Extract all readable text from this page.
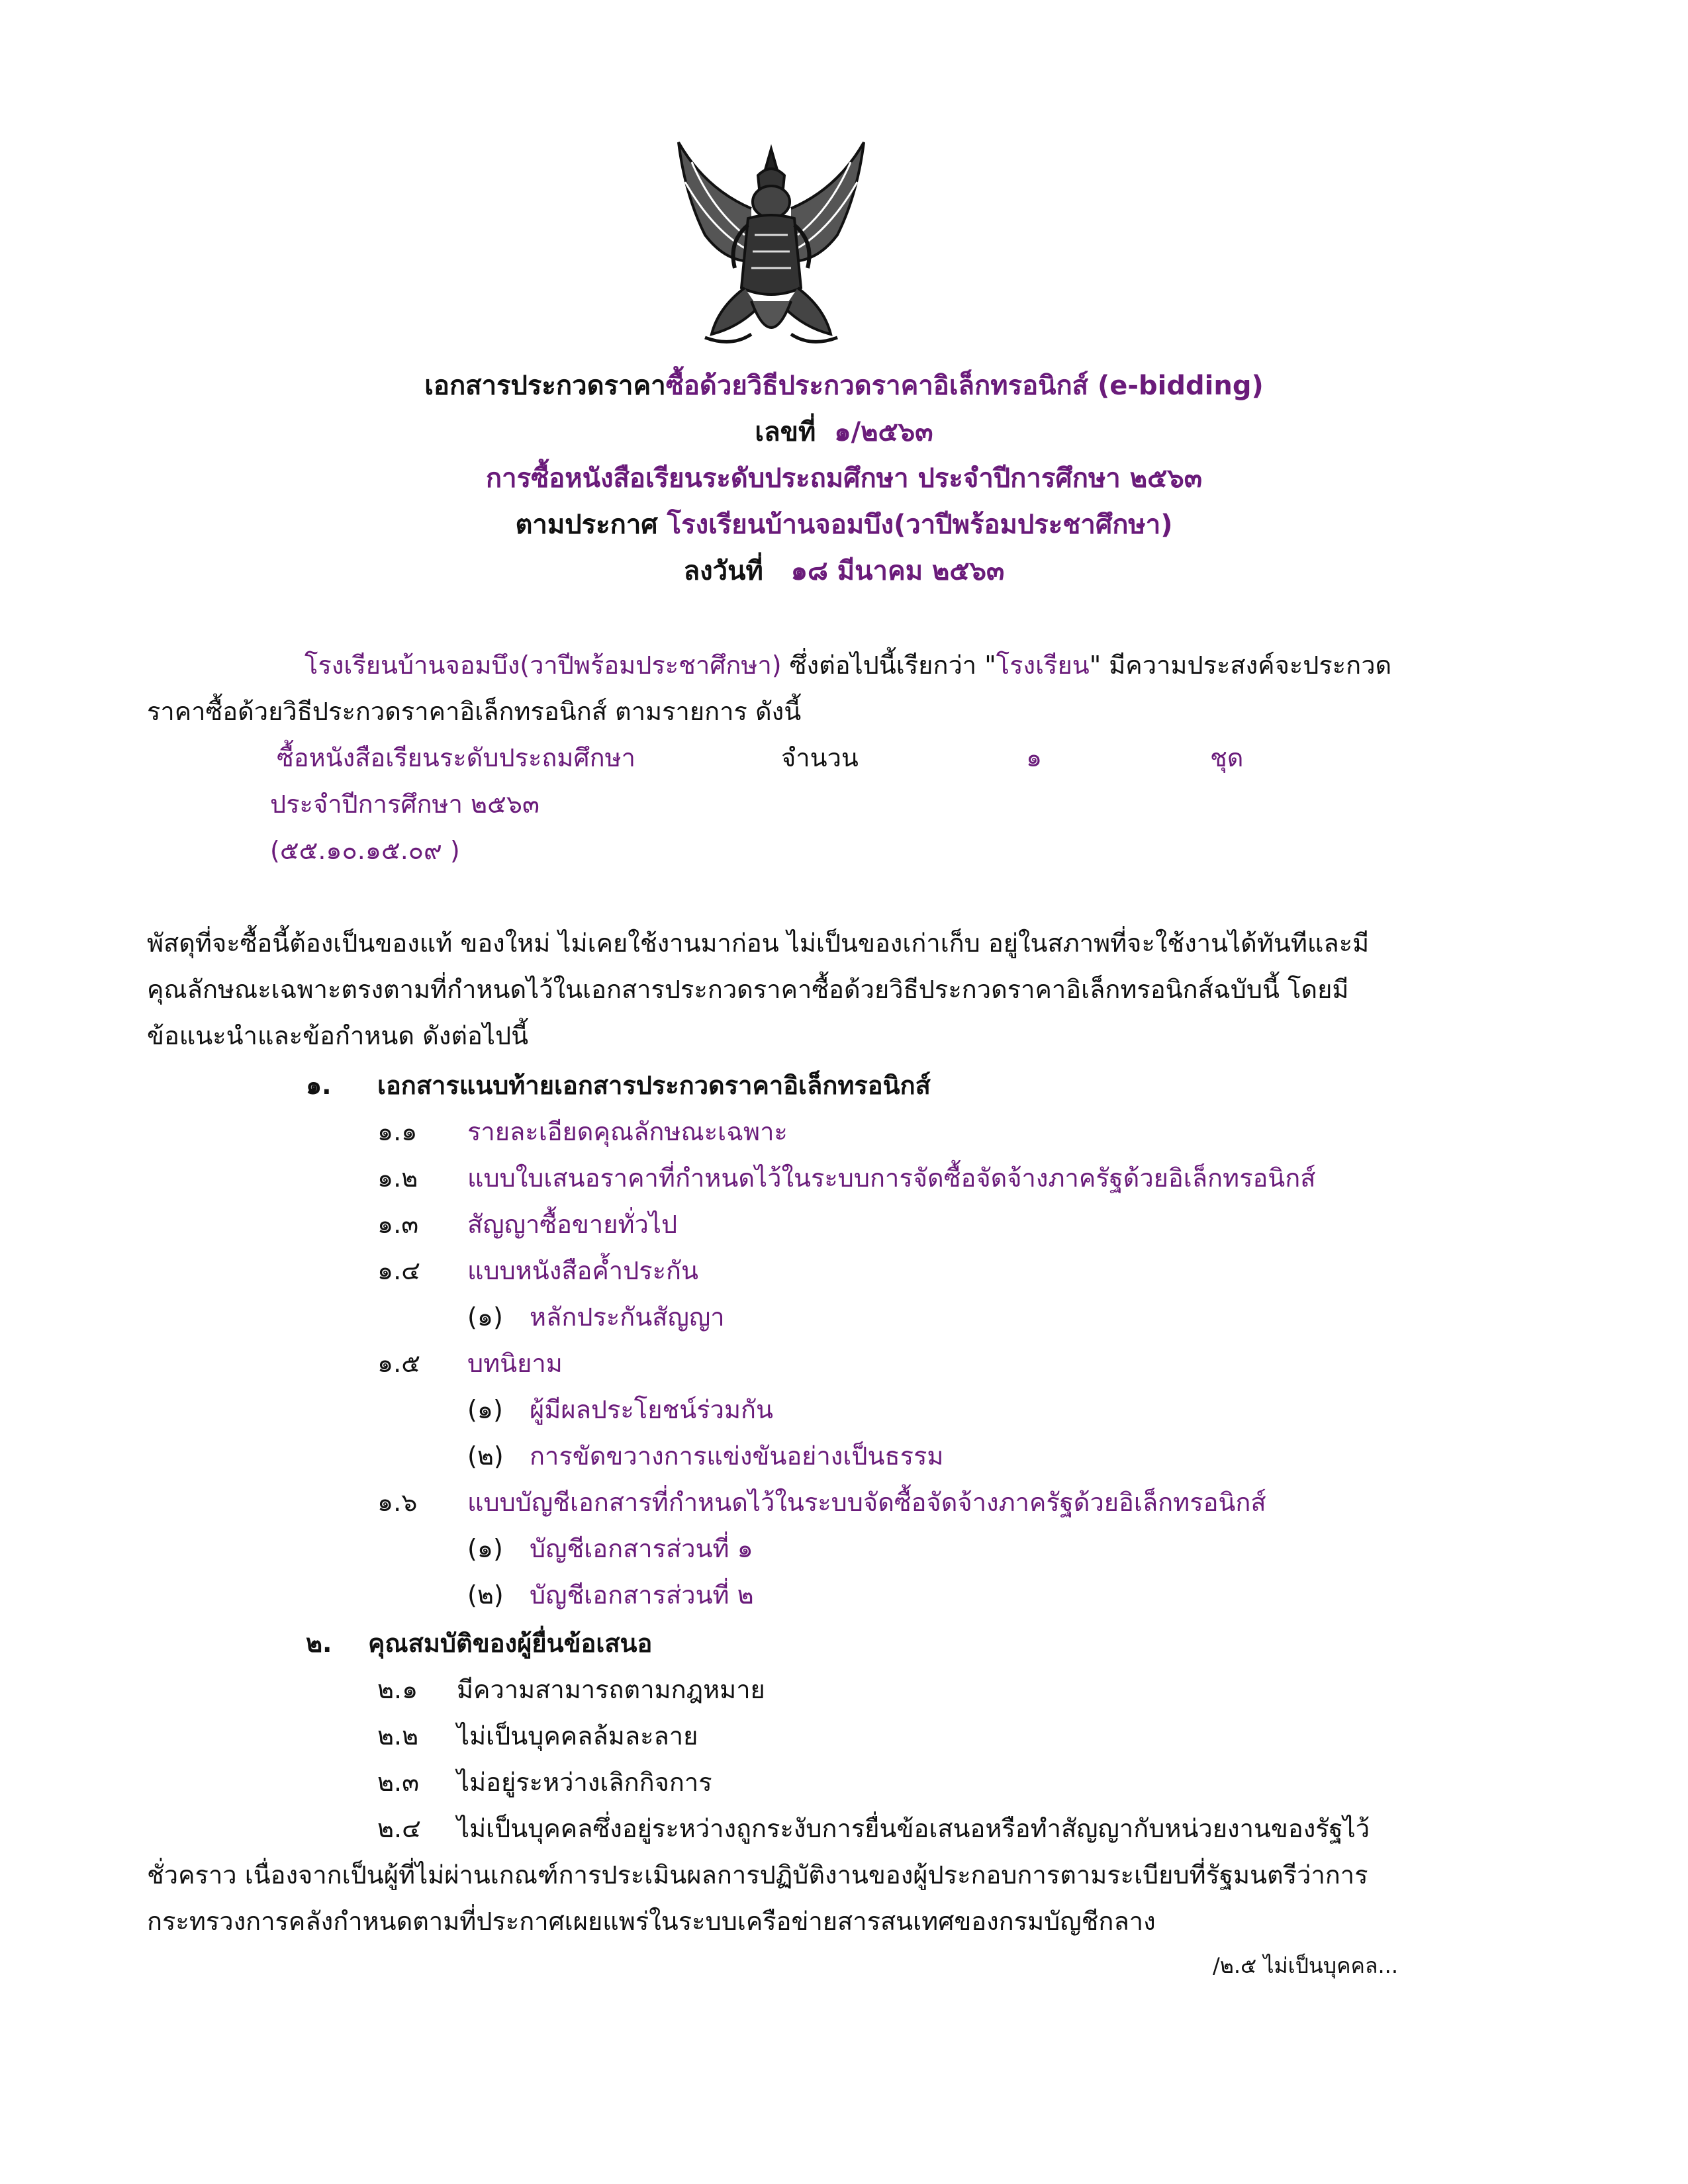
เอกสารประกวดราคาซื้อด้วยวิธีประกวดราคาอิเล็กทรอนิกส์ (e-bidding)
เลขที่ ๑/๒๕๖๓
การซื้อหนังสือเรียนระดับประถมศึกษา ประจำปีการศึกษา ๒๕๖๓
ตามประกาศ โรงเรียนบ้านจอมบึง(วาปีพร้อมประชาศึกษา)
ลงวันที่ ๑๘ มีนาคม ๒๕๖๓
โรงเรียนบ้านจอมบึง(วาปีพร้อมประชาศึกษา) ซึ่งต่อไปนี้เรียกว่า "โรงเรียน" มีความประสงค์จะประกวด
ราคาซื้อด้วยวิธีประกวดราคาอิเล็กทรอนิกส์ ตามรายการ ดังนี้
ซื้อหนังสือเรียนระดับประถมศึกษา	จำนวน	๑	ชุด
ประจำปีการศึกษา ๒๕๖๓
(๕๕.๑๐.๑๕.๐๙ )
พัสดุที่จะซื้อนี้ต้องเป็นของแท้ ของใหม่ ไม่เคยใช้งานมาก่อน ไม่เป็นของเก่าเก็บ อยู่ในสภาพที่จะใช้งานได้ทันทีและมี
คุณลักษณะเฉพาะตรงตามที่กำหนดไว้ในเอกสารประกวดราคาซื้อด้วยวิธีประกวดราคาอิเล็กทรอนิกส์ฉบับนี้ โดยมี
ข้อแนะนำและข้อกำหนด ดังต่อไปนี้
๑. เอกสารแนบท้ายเอกสารประกวดราคาอิเล็กทรอนิกส์
๑.๑ รายละเอียดคุณลักษณะเฉพาะ
๑.๒ แบบใบเสนอราคาที่กำหนดไว้ในระบบการจัดซื้อจัดจ้างภาครัฐด้วยอิเล็กทรอนิกส์
๑.๓ สัญญาซื้อขายทั่วไป
๑.๔ แบบหนังสือค้ำประกัน
(๑) หลักประกันสัญญา
๑.๕ บทนิยาม
(๑) ผู้มีผลประโยชน์ร่วมกัน
(๒) การขัดขวางการแข่งขันอย่างเป็นธรรม
๑.๖ แบบบัญชีเอกสารที่กำหนดไว้ในระบบจัดซื้อจัดจ้างภาครัฐด้วยอิเล็กทรอนิกส์
(๑) บัญชีเอกสารส่วนที่ ๑
(๒) บัญชีเอกสารส่วนที่ ๒
๒. คุณสมบัติของผู้ยื่นข้อเสนอ
๒.๑ มีความสามารถตามกฎหมาย
๒.๒ ไม่เป็นบุคคลล้มละลาย
๒.๓ ไม่อยู่ระหว่างเลิกกิจการ
๒.๔ ไม่เป็นบุคคลซึ่งอยู่ระหว่างถูกระงับการยื่นข้อเสนอหรือทำสัญญากับหน่วยงานของรัฐไว้
ชั่วคราว เนื่องจากเป็นผู้ที่ไม่ผ่านเกณฑ์การประเมินผลการปฏิบัติงานของผู้ประกอบการตามระเบียบที่รัฐมนตรีว่าการ
กระทรวงการคลังกำหนดตามที่ประกาศเผยแพร่ในระบบเครือข่ายสารสนเทศของกรมบัญชีกลาง
/๒.๕ ไม่เป็นบุคคล...
